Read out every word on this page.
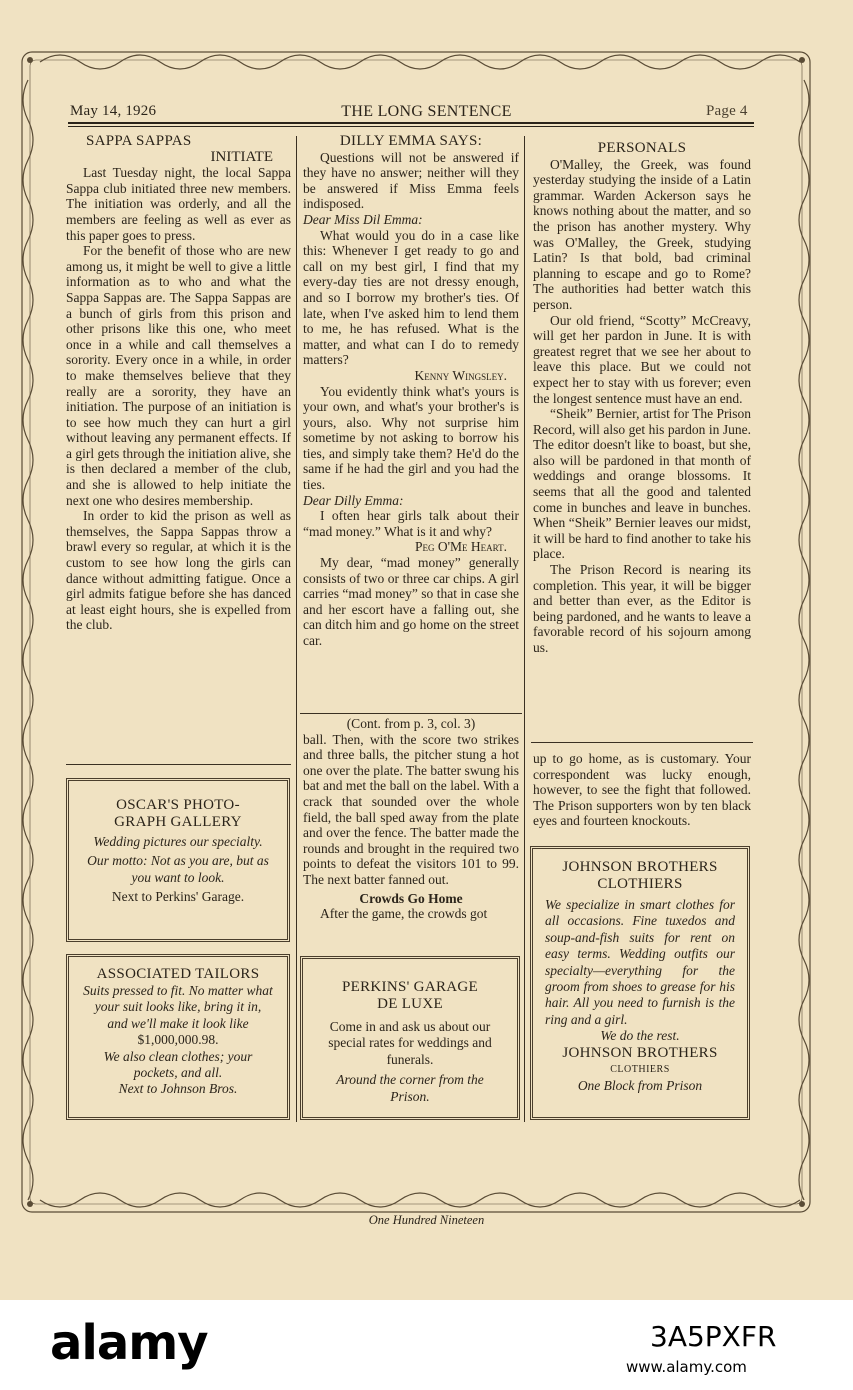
May 14, 1926	THE LONG SENTENCE	Page 4

SAPPA SAPPAS

INITIATE

Last Tuesday night, the local Sappa Sappa club initiated three new members. The initiation was orderly, and all the members are feeling as well as ever as this paper goes to press.

For the benefit of those who are new among us, it might be well to give a little information as to who and what the Sappa Sappas are. The Sappa Sappas are a bunch of girls from this prison and other prisons like this one, who meet once in a while and call themselves a sorority. Every once in a while, in order to make themselves believe that they really are a sorority, they have an initiation. The purpose of an initiation is to see how much they can hurt a girl without leaving any permanent effects. If a girl gets through the initiation alive, she is then declared a member of the club, and she is allowed to help initiate the next one who desires membership.

In order to kid the prison as well as themselves, the Sappa Sappas throw a brawl every so regular, at which it is the custom to see how long the girls can dance without admitting fatigue. Once a girl admits fatigue before she has danced at least eight hours, she is expelled from the club.

OSCAR'S PHOTO-
GRAPH GALLERY
Wedding pictures our specialty.
Our motto: Not as you are, but as you want to look.
Next to Perkins' Garage.
ASSOCIATED TAILORS
Suits pressed to fit. No matter what your suit looks like, bring it in, and we'll make it look like
$1,000,000.98.
We also clean clothes; your pockets, and all.
Next to Johnson Bros.

DILLY EMMA SAYS:

Questions will not be answered if they have no answer; neither will they be answered if Miss Emma feels indisposed.

Dear Miss Dil Emma:

What would you do in a case like this: Whenever I get ready to go and call on my best girl, I find that my every-day ties are not dressy enough, and so I borrow my brother's ties. Of late, when I've asked him to lend them to me, he has refused. What is the matter, and what can I do to remedy matters?

Kenny Wingsley.

You evidently think what's yours is your own, and what's your brother's is yours, also. Why not surprise him sometime by not asking to borrow his ties, and simply take them? He'd do the same if he had the girl and you had the ties.

Dear Dilly Emma:

I often hear girls talk about their “mad money.” What is it and why?

Peg O'Me Heart.

My dear, “mad money” generally consists of two or three car chips. A girl carries “mad money” so that in case she and her escort have a falling out, she can ditch him and go home on the street car.

(Cont. from p. 3, col. 3)

ball. Then, with the score two strikes and three balls, the pitcher stung a hot one over the plate. The batter swung his bat and met the ball on the label. With a crack that sounded over the whole field, the ball sped away from the plate and over the fence. The batter made the rounds and brought in the required two points to defeat the visitors 101 to 99. The next batter fanned out.

Crowds Go Home

After the game, the crowds got

PERKINS' GARAGE
DE LUXE
Come in and ask us about our special rates for weddings and funerals.
Around the corner from the Prison.

PERSONALS

O'Malley, the Greek, was found yesterday studying the inside of a Latin grammar. Warden Ackerson says he knows nothing about the matter, and so the prison has another mystery. Why was O'Malley, the Greek, studying Latin? Is that bold, bad criminal planning to escape and go to Rome? The authorities had better watch this person.

Our old friend, “Scotty” McCreavy, will get her pardon in June. It is with greatest regret that we see her about to leave this place. But we could not expect her to stay with us forever; even the longest sentence must have an end.

“Sheik” Bernier, artist for The Prison Record, will also get his pardon in June. The editor doesn't like to boast, but she, also will be pardoned in that month of weddings and orange blossoms. It seems that all the good and talented come in bunches and leave in bunches. When “Sheik” Bernier leaves our midst, it will be hard to find another to take his place.

The Prison Record is nearing its completion. This year, it will be bigger and better than ever, as the Editor is being pardoned, and he wants to leave a favorable record of his sojourn among us.

up to go home, as is customary. Your correspondent was lucky enough, however, to see the fight that followed. The Prison supporters won by ten black eyes and fourteen knockouts.

JOHNSON BROTHERS
CLOTHIERS
We specialize in smart clothes for all occasions. Fine tuxedos and soup-and-fish suits for rent on easy terms. Wedding outfits our specialty—everything for the groom from shoes to grease for his hair. All you need to furnish is the ring and a girl.
We do the rest.
JOHNSON BROTHERS
CLOTHIERS
One Block from Prison
One Hundred Nineteen
alamy	3A5PXFR
www.alamy.com
